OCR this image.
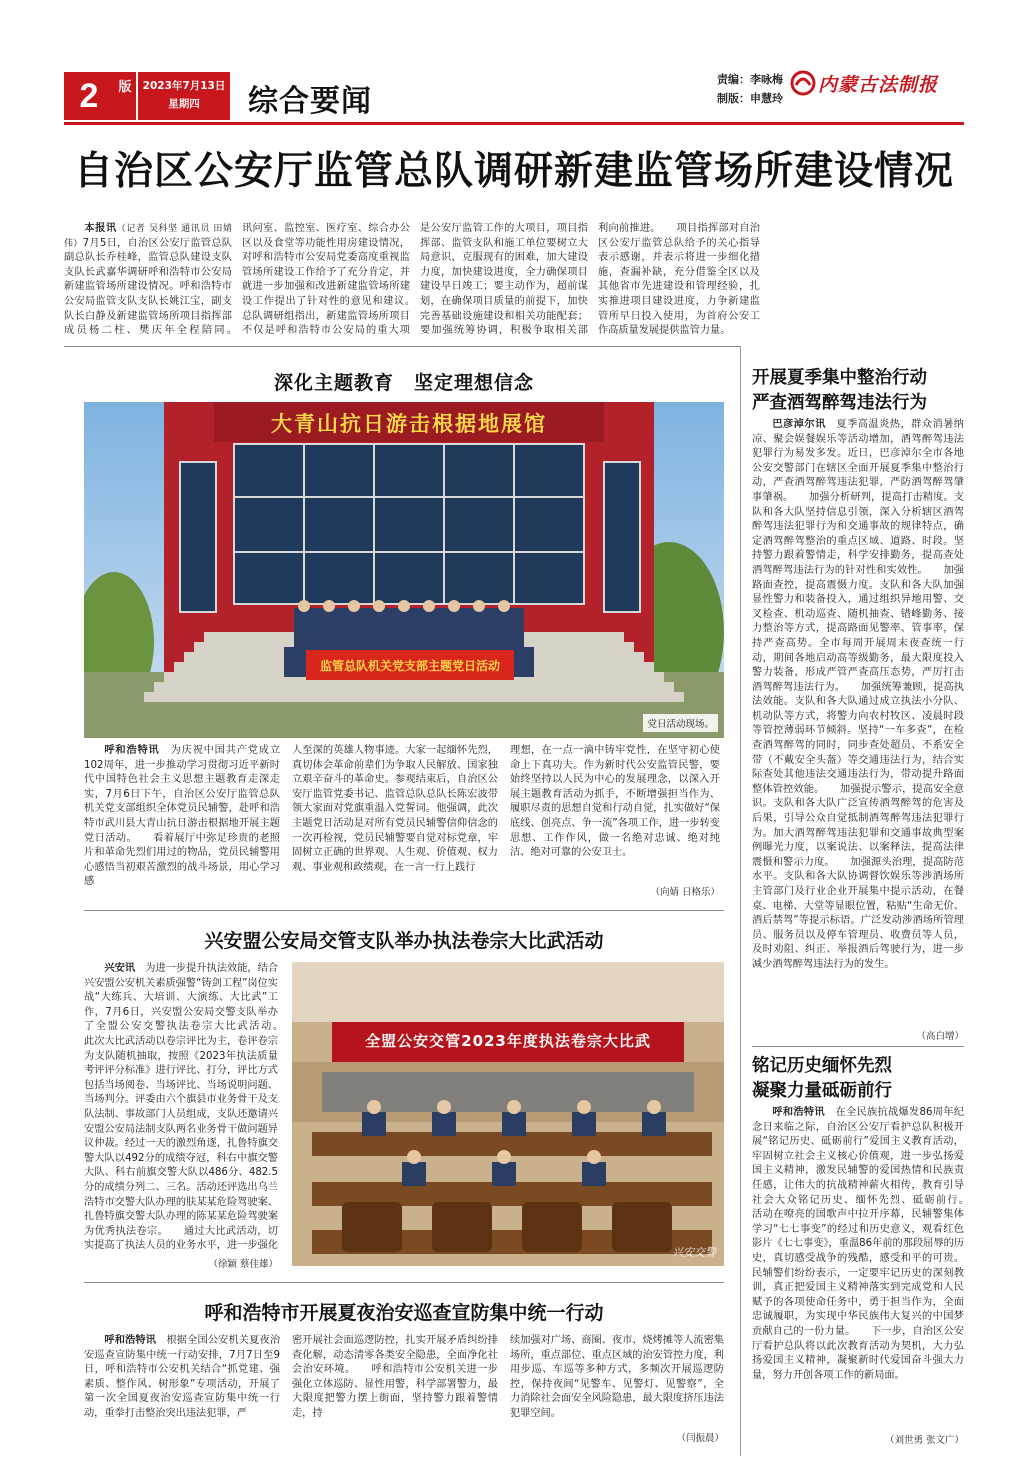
2	版	2023年7月13日
星期四	综合要闻
责编：李咏梅
制版：申慧玲
内蒙古法制报
自治区公安厅监管总队调研新建监管场所建设情况
本报讯（记者 吴科坚 通讯员 田婧伟）7月5日，自治区公安厅监管总队副总队长乔桂峰，监管总队建设支队支队长武嘉华调研呼和浩特市公安局新建监管场所建设情况。呼和浩特市公安局监管支队支队长姚江宝，副支队长白静及新建监管场所项目指挥部成员杨二柱、樊庆年全程陪同。　　
讯问室、监控室、医疗室、综合办公区以及食堂等功能性用房建设情况，对呼和浩特市公安局党委高度重视监管场所建设工作给予了充分肯定，并就进一步加强和改进新建监管场所建设工作提出了针对性的意见和建议。　　总队调研组指出，新建监管场所项目不仅是呼和浩特市公安局的重大项
是公安厅监管工作的大项目，项目指挥部、监管支队和施工单位要树立大局意识，克服现有的困难，加大建设力度，加快建设进度，全力确保项目建设早日竣工；要主动作为，超前谋划，在确保项目质量的前提下，加快完善基础设施建设和相关功能配套；要加强统筹协调，积极争取相关部
利向前推进。　　项目指挥部对自治区公安厅监管总队给予的关心指导表示感谢，并表示将进一步细化措施，查漏补缺，充分借鉴全区以及其他省市先进建设和管理经验，扎实推进项目建设进度，力争新建监管所早日投入使用，为首府公安工作高质量发展提供监管力量。
深化主题教育　坚定理想信念
大青山抗日游击根据地展馆
监管总队机关党支部主题党日活动
党日活动现场。
呼和浩特讯　 为庆祝中国共产党成立102周年，进一步推动学习贯彻习近平新时代中国特色社会主义思想主题教育走深走实，7月6日下午，自治区公安厅监管总队机关党支部组织全体党员民辅警，赴呼和浩特市武川县大青山抗日游击根据地开展主题党日活动。　　看着展厅中弥足珍贵的老照片和革命先烈们用过的物品，党员民辅警用心感悟当初艰苦激烈的战斗场景，用心学习感
人至深的英雄人物事迹。大家一起缅怀先烈，真切体会革命前辈们为争取人民解放、国家独立艰辛奋斗的革命史。参观结束后，自治区公安厅监管党委书记、监管总队总队长陈宏波带领大家面对党旗重温入党誓词。他强调，此次主题党日活动是对所有党员民辅警信仰信念的一次再检视，党员民辅警要自觉对标党章，牢固树立正确的世界观、人生观、价值观、权力观、事业观和政绩观，在一言一行上践行
理想，在一点一滴中铸牢党性，在坚守初心使命上下真功夫。作为新时代公安监管民警，要始终坚持以人民为中心的发展理念，以深入开展主题教育活动为抓手，不断增强担当作为、履职尽责的思想自觉和行动自觉，扎实做好“保底线、创亮点、争一流”各项工作，进一步转变思想、工作作风，做一名绝对忠诚、绝对纯洁、绝对可靠的公安卫士。
（向婧 日格乐）
兴安盟公安局交管支队举办执法卷宗大比武活动
兴安讯　 为进一步提升执法效能，结合兴安盟公安机关素质强警“铸剑工程”岗位实战“大练兵、大培训、大演练、大比武”工作，7月6日，兴安盟公安局交警支队举办了全盟公安交警执法卷宗大比武活动。　　此次大比武活动以卷宗评比为主，卷评卷宗为支队随机抽取，按照《2023年执法质量考评评分标准》进行评比、打分，评比方式包括当场阅卷、当场评比、当场说明问题、当场判分。评委由六个旗县市业务骨干及支队法制、事故部门人员组成，支队还邀请兴安盟公安局法制支队两名业务骨干做问题异议仲裁。经过一天的激烈角逐，扎鲁特旗交警大队以492分的成绩夺冠，科右中旗交警大队、科右前旗交警大队以486分、482.5分的成绩分列二、三名。活动还评选出乌兰浩特市交警大队办理的肤某某危险驾驶案、扎鲁特旗交警大队办理的陈某某危险驾驶案为优秀执法卷宗。　　通过大比武活动，切实提高了执法人员的业务水平，进一步强化
（徐颖 蔡佳雄）
全盟公安交管2023年度执法卷宗大比武
兴安交警
呼和浩特市开展夏夜治安巡查宣防集中统一行动
呼和浩特讯　 根据全国公安机关夏夜治安巡查宣防集中统一行动安排，7月7日至9日，呼和浩特市公安机关结合“抓党建、强素质、整作风、树形象”专项活动，开展了第一次全国夏夜治安巡查宣防集中统一行动，重拳打击整治突出违法犯罪，严
密开展社会面巡逻防控，扎实开展矛盾纠纷排查化解，动态清零各类安全隐患，全面净化社会治安环境。　　呼和浩特市公安机关进一步强化立体巡防、显性用警，科学部署警力，最大限度把警力摆上街面，坚持警力跟着警情走，持
续加强对广场、商圈、夜市、烧烤摊等人流密集场所，重点部位、重点区域的治安管控力度，利用步巡、车巡等多种方式，多频次开展巡逻防控，保持夜间“见警车、见警灯、见警察”，全力消除社会面安全风险隐患，最大限度挤压违法犯罪空间。
（闫振晨）
开展夏季集中整治行动
严查酒驾醉驾违法行为
巴彦淖尔讯　 夏季高温炎热，群众消暑纳凉、聚会娱餐娱乐等活动增加，酒驾醉驾违法犯罪行为易发多发。近日，巴彦淖尔全市各地公安交警部门在辖区全面开展夏季集中整治行动，严查酒驾醉驾违法犯罪，严防酒驾醉驾肇事肇祸。　　加强分析研判，提高打击精度。支队和各大队坚持信息引领，深入分析辖区酒驾醉驾违法犯罪行为和交通事故的规律特点，确定酒驾醉驾整治的重点区域、道路、时段。坚持警力跟着警情走，科学安排勤务，提高查处酒驾醉驾违法行为的针对性和实效性。　　加强路面查控，提高震慑力度。支队和各大队加强显性警力和装备投入，通过组织异地用警、交叉检查、机动巡查、随机抽查、错峰勤务、接力整治等方式，提高路面见警率、管事率，保持严查高势。全市每周开展周末夜查统一行动，期间各地启动高等级勤务，最大限度投入警力装备，形成严管严查高压态势，严厉打击酒驾醉驾违法行为。　　加强统筹兼顾，提高执法效能。支队和各大队通过成立执法小分队、机动队等方式，将警力向农村牧区、凌晨时段等管控薄弱环节倾斜。坚持“一车多查”，在检查酒驾醉驾的同时，同步查处超员、不系安全带（不戴安全头盔）等交通违法行为，结合实际查处其他违法交通违法行为，带动提升路面整体管控效能。　　加强提示警示，提高安全意识。支队和各大队广泛宣传酒驾醉驾的危害及后果，引导公众自觉抵制酒驾醉驾违法犯罪行为。加大酒驾醉驾违法犯罪和交通事故典型案例曝光力度，以案说法、以案释法，提高法律震慑和警示力度。　　加强源头治理，提高防范水平。支队和各大队协调督饮娱乐等涉酒场所主管部门及行业企业开展集中提示活动，在餐桌、电梯、大堂等显眼位置，粘贴“生命无价、酒后禁驾”等提示标语。广泛发动涉酒场所管理员、服务员以及停车管理员、收费员等人员，及时劝阻、纠正、举报酒后驾驶行为，进一步减少酒驾醉驾违法行为的发生。
（高白增）
铭记历史缅怀先烈
凝聚力量砥砺前行
呼和浩特讯　 在全民族抗战爆发86周年纪念日来临之际，自治区公安厅看护总队积极开展“铭记历史、砥砺前行”爱国主义教育活动，牢固树立社会主义核心价值观，进一步弘扬爱国主义精神，激发民辅警的爱国热情和民族责任感，让伟大的抗战精神薪火相传，教育引导社会大众铭记历史、缅怀先烈、砥砺前行。　　活动在嘹亮的国歌声中拉开序幕，民辅警集体学习“七七事变”的经过和历史意义，观看红色影片《七七事变》，重温86年前的那段屈辱的历史，真切感受战争的残酷，感受和平的可贵。民辅警们纷纷表示，一定要牢记历史的深刻教训，真正把爱国主义精神落实到完成党和人民赋予的各项使命任务中，勇于担当作为，全面忠诚履职，为实现中华民族伟大复兴的中国梦贡献自己的一份力量。　　下一步，自治区公安厅看护总队将以此次教育活动为契机，大力弘扬爱国主义精神，凝聚新时代爱国奋斗强大力量，努力开创各项工作的新局面。
（刘世勇 张文广）
